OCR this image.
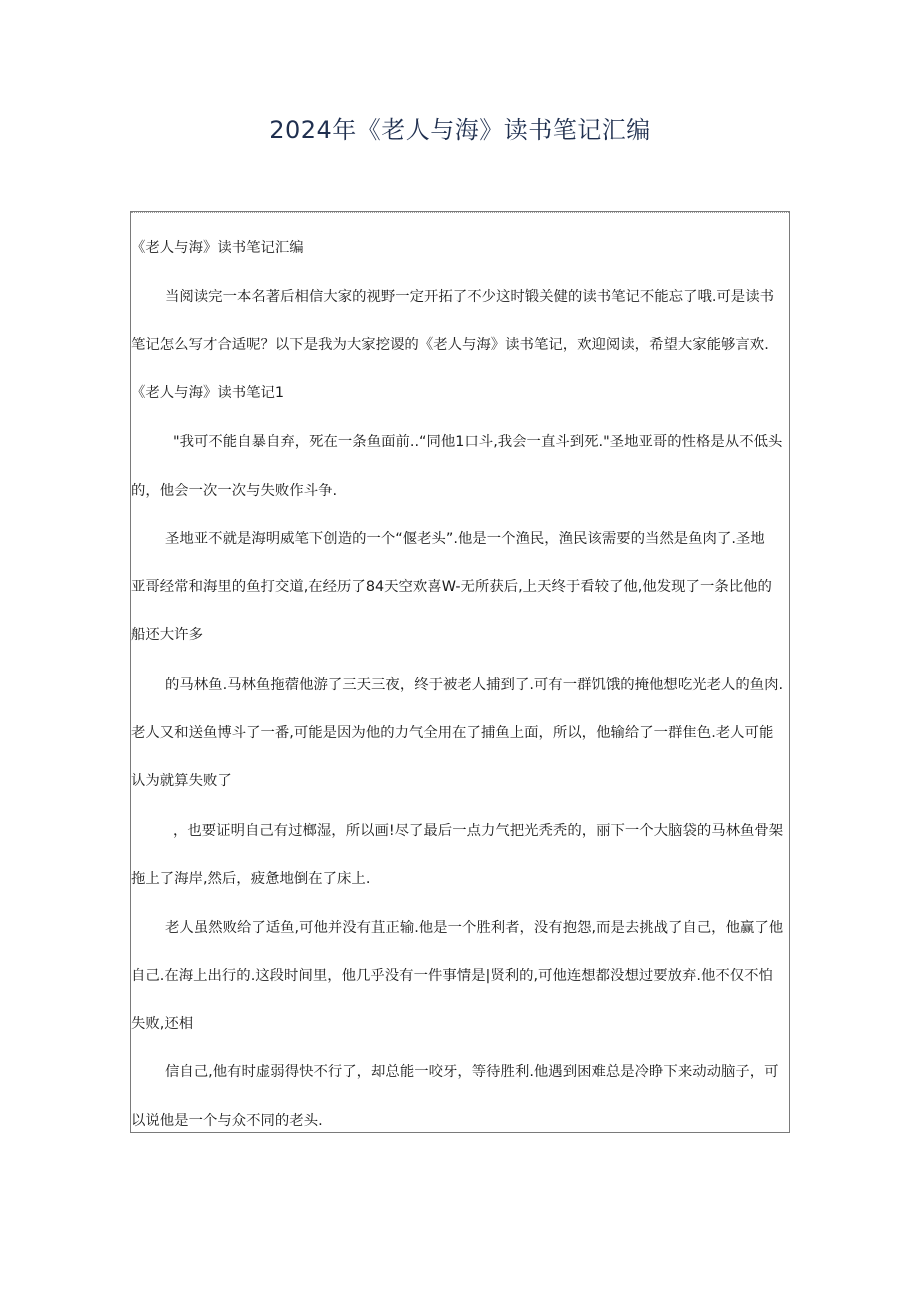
2024年《老人与海》读书笔记汇编
《老人与海》读书笔记汇编
当阅读完一本名著后相信大家的视野一定开拓了不少这时锻关健的读书笔记不能忘了哦.可是读书
笔记怎么写才合适呢？以下是我为大家挖谡的《老人与海》读书笔记，欢迎阅读，希望大家能够言欢.
《老人与海》读书笔记1
"我可不能自暴自弃，死在一条鱼面前..“同他1口斗,我会一直斗到死."圣地亚哥的性格是从不低头
的，他会一次一次与失败作斗争.
圣地亚不就是海明威笔下创造的一个“偃老头”.他是一个渔民，渔民该需要的当然是鱼肉了.圣地
亚哥经常和海里的鱼打交道,在经历了84天空欢喜W-无所获后,上天终于看较了他,他发现了一条比他的
船还大许多
的马林鱼.马林鱼拖蓿他游了三天三夜，终于被老人捕到了.可有一群饥饿的掩他想吃光老人的鱼肉.
老人又和送鱼博斗了一番,可能是因为他的力气全用在了捕鱼上面，所以，他输给了一群隹色.老人可能
认为就算失败了
，也要证明自己有过榔湿，所以画!尽了最后一点力气把光秃秃的，丽下一个大脑袋的马林鱼骨架
拖上了海岸,然后，疲惫地倒在了床上.
老人虽然败给了适鱼,可他并没有苴正输.他是一个胜利者，没有抱怨,而是去挑战了自己，他赢了他
自己.在海上出行的.这段时间里，他几乎没有一件事情是|贤利的,可他连想都没想过要放弃.他不仅不怕
失败,还相
信自己,他有时虚弱得快不行了，却总能一咬牙，等待胜利.他遇到困难总是冷睁下来动动脑子，可
以说他是一个与众不同的老头.
